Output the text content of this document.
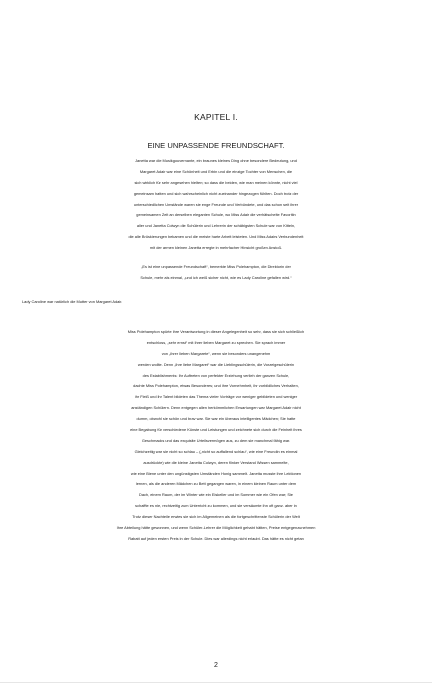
KAPITEL I.
EINE UNPASSENDE FREUNDSCHAFT.
Janetta war die Musikgouvernante, ein braunes kleines Ding ohne besondere Bedeutung, und
Margaret Adair war eine Schönheit und Erbin und die einzige Tochter von Menschen, die
sich wirklich für sehr angesehen hielten; so dass die beiden, wie man meinen könnte, nicht viel
gemeinsam hatten und sich wahrscheinlich nicht zueinander hingezogen fühlten. Doch trotz der
unterschiedlichen Umstände waren sie enge Freunde und Verbündete, und das schon seit ihrer
gemeinsamen Zeit an derselben eleganten Schule, wo Miss Adair die verhätschelte Favoritin
aller und Janetta Colwyn die Schülerin und Lehrerin der schäbigsten Schule war von Kitteln,
die alle Brüskierungen bekamen und die meiste harte Arbeit leisteten. Und Miss Adairs Verbundenheit
mit der armen kleinen Janetta erregte in mehrfacher Hinsicht großen Anstoß.
„Es ist eine unpassende Freundschaft“, bemerkte Miss Polehampton, die Direktorin der
Schule, mehr als einmal, „und ich weiß sicher nicht, wie es Lady Caroline gefallen wird.“
Lady Caroline war natürlich die Mutter von Margaret Adair.
Miss Polehampton spürte ihre Verantwortung in dieser Angelegenheit so sehr, dass sie sich schließlich
entschloss, „sehr ernst“ mit ihrer lieben Margaret zu sprechen. Sie sprach immer
von „ihrer lieben Margarete“, wenn sie besonders unangenehm
werden wollte. Denn „ihre liebe Margaret“ war die Lieblingsschülerin, die Vorzeigeschülerin
des Establishments: Ihr Auftreten von perfekter Erziehung verlieh der ganzen Schule,
dachte Miss Polehampton, etwas Besonderes; und ihre Vornehmheit, ihr vorbildliches Verhalten,
ihr Fleiß und ihr Talent bildeten das Thema vieler Vorträge vor weniger gebildeten und weniger
anständigen Schülern. Denn entgegen allen herkömmlichen Erwartungen war Margaret Adair nicht
dumm, obwohl sie schön und brav war. Sie war ein überaus intelligentes Mädchen; Sie hatte
eine Begabung für verschiedene Künste und Leistungen und zeichnete sich durch die Feinheit ihres
Geschmacks und das exquisite Urteilsvermögen aus, zu dem sie manchmal fähig war.
Gleichzeitig war sie nicht so schlau – („nicht so auffallend schlau“, wie eine Freundin es einmal
ausdrückte) wie die kleine Janetta Colwyn, deren flinker Verstand Wissen sammelte,
wie eine Biene unter den ungünstigsten Umständen Honig sammelt. Janetta musste ihre Lektionen
lernen, als die anderen Mädchen zu Bett gegangen waren, in einem kleinen Raum unter dem
Dach, einem Raum, der im Winter wie ein Eiskeller und im Sommer wie ein Ofen war; Sie
schaffte es nie, rechtzeitig zum Unterricht zu kommen, und sie versäumte ihn oft ganz. aber in
Trotz dieser Nachteile erwies sie sich im Allgemeinen als die fortgeschrittenste Schülerin der Welt
Ihre Abteilung hätte gewonnen, und wenn Schüler-Lehrer die Möglichkeit gehabt hätten, Preise entgegenzunehmen
Rabatt auf jeden ersten Preis in der Schule. Dies war allerdings nicht erlaubt. Das hätte es nicht getan
2
